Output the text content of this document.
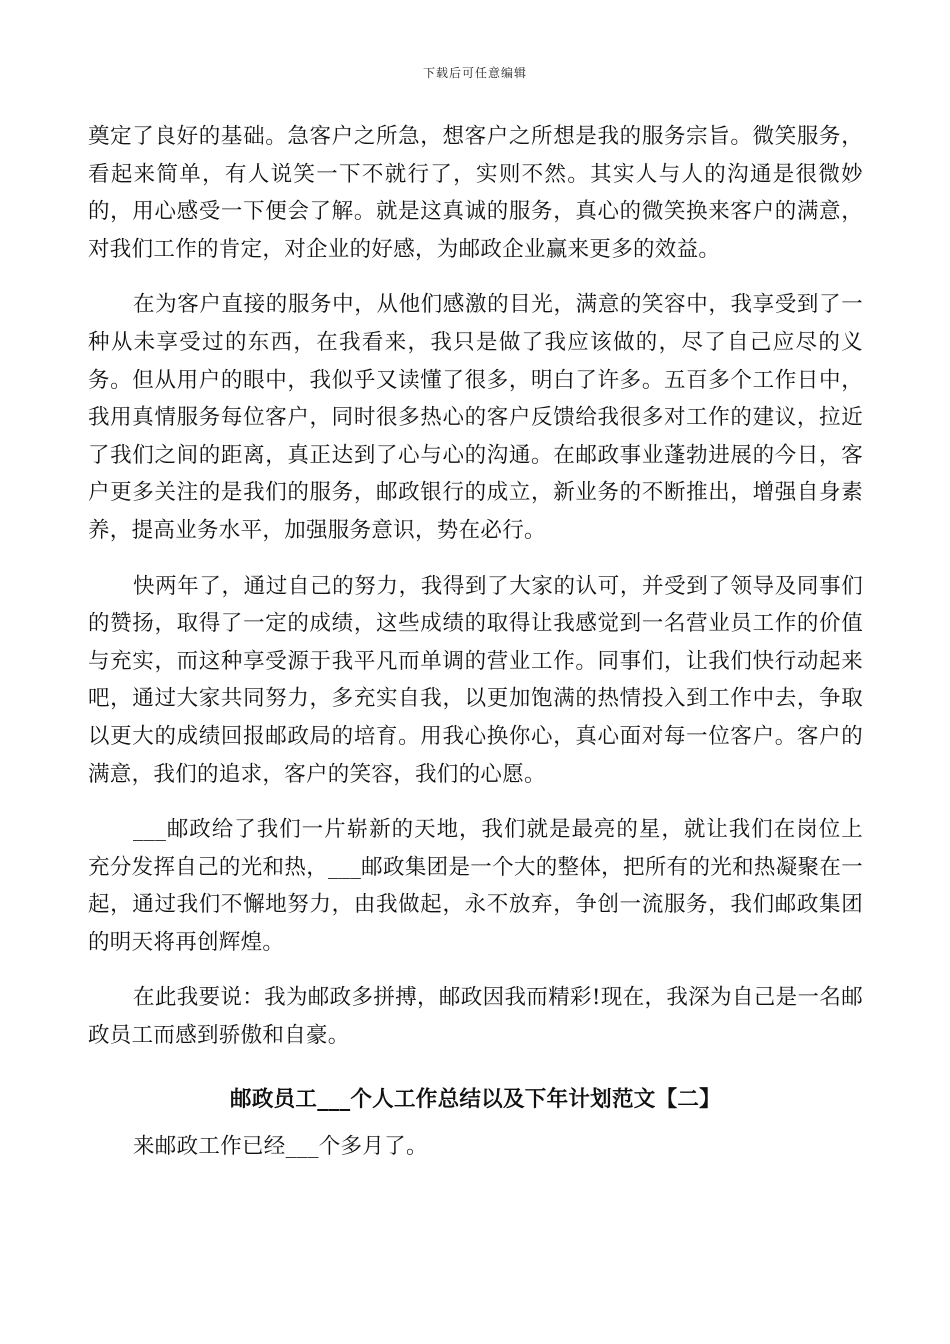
下载后可任意编辑

奠定了良好的基础。急客户之所急，想客户之所想是我的服务宗旨。微笑服务，看起来简单，有人说笑一下不就行了，实则不然。其实人与人的沟通是很微妙的，用心感受一下便会了解。就是这真诚的服务，真心的微笑换来客户的满意，对我们工作的肯定，对企业的好感，为邮政企业赢来更多的效益。

在为客户直接的服务中，从他们感激的目光，满意的笑容中，我享受到了一种从未享受过的东西，在我看来，我只是做了我应该做的，尽了自己应尽的义务。但从用户的眼中，我似乎又读懂了很多，明白了许多。五百多个工作日中，我用真情服务每位客户，同时很多热心的客户反馈给我很多对工作的建议，拉近了我们之间的距离，真正达到了心与心的沟通。在邮政事业蓬勃进展的今日，客户更多关注的是我们的服务，邮政银行的成立，新业务的不断推出，增强自身素养，提高业务水平，加强服务意识，势在必行。

快两年了，通过自己的努力，我得到了大家的认可，并受到了领导及同事们的赞扬，取得了一定的成绩，这些成绩的取得让我感觉到一名营业员工作的价值与充实，而这种享受源于我平凡而单调的营业工作。同事们，让我们快行动起来吧，通过大家共同努力，多充实自我，以更加饱满的热情投入到工作中去，争取以更大的成绩回报邮政局的培育。用我心换你心，真心面对每一位客户。客户的满意，我们的追求，客户的笑容，我们的心愿。

___邮政给了我们一片崭新的天地，我们就是最亮的星，就让我们在岗位上充分发挥自己的光和热，___邮政集团是一个大的整体，把所有的光和热凝聚在一起，通过我们不懈地努力，由我做起，永不放弃，争创一流服务，我们邮政集团的明天将再创辉煌。

在此我要说：我为邮政多拼搏，邮政因我而精彩!现在，我深为自己是一名邮政员工而感到骄傲和自豪。

邮政员工___个人工作总结以及下年计划范文【二】

来邮政工作已经___个多月了。
